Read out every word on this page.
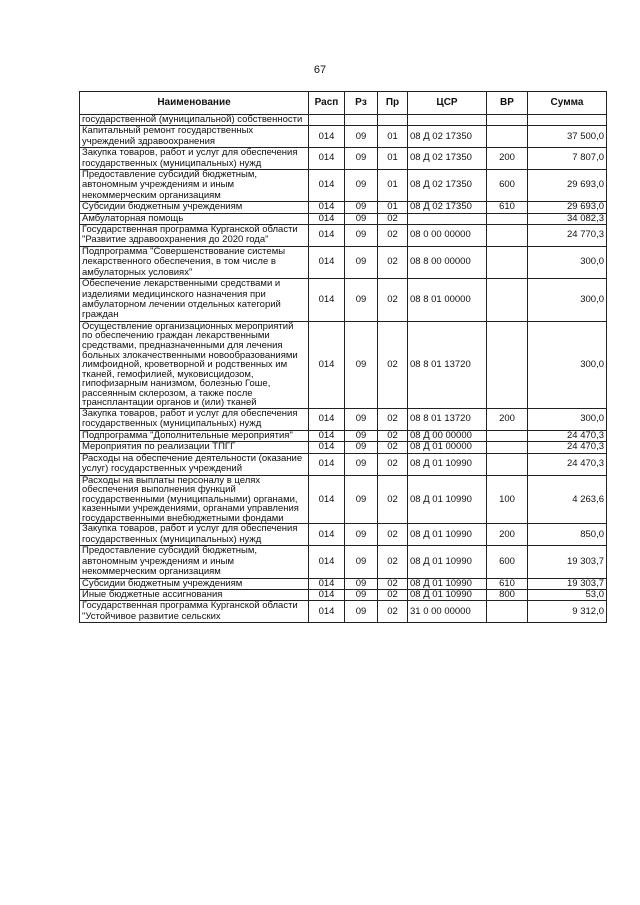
67
Наименование	Расп	Рз	Пр	ЦСР	ВР	Сумма
государственной (муниципальной) собственности						
Капитальный ремонт государственных учреждений здравоохранения	014	09	01	08 Д 02 17350		37 500,0
Закупка товаров, работ и услуг для обеспечения государственных (муниципальных) нужд	014	09	01	08 Д 02 17350	200	7 807,0
Предоставление субсидий бюджетным, автономным учреждениям и иным некоммерческим организациям	014	09	01	08 Д 02 17350	600	29 693,0
Субсидии бюджетным учреждениям	014	09	01	08 Д 02 17350	610	29 693,0
Амбулаторная помощь	014	09	02			34 082,3
Государственная программа Курганской области "Развитие здравоохранения до 2020 года"	014	09	02	08 0 00 00000		24 770,3
Подпрограмма "Совершенствование системы лекарственного обеспечения, в том числе в амбулаторных условиях"	014	09	02	08 8 00 00000		300,0
Обеспечение лекарственными средствами и изделиями медицинского назначения при амбулаторном лечении отдельных категорий граждан	014	09	02	08 8 01 00000		300,0
Осуществление организационных мероприятий по обеспечению граждан лекарственными средствами, предназначенными для лечения больных злокачественными новообразованиями лимфоидной, кроветворной и родственных им тканей, гемофилией, муковисцидозом, гипофизарным нанизмом, болезнью Гоше, рассеянным склерозом, а также после трансплантации органов и (или) тканей	014	09	02	08 8 01 13720		300,0
Закупка товаров, работ и услуг для обеспечения государственных (муниципальных) нужд	014	09	02	08 8 01 13720	200	300,0
Подпрограмма "Дополнительные мероприятия"	014	09	02	08 Д 00 00000		24 470,3
Мероприятия по реализации ТПГГ	014	09	02	08 Д 01 00000		24 470,3
Расходы на обеспечение деятельности (оказание услуг) государственных учреждений	014	09	02	08 Д 01 10990		24 470,3
Расходы на выплаты персоналу в целях обеспечения выполнения функций государственными (муниципальными) органами, казенными учреждениями, органами управления государственными внебюджетными фондами	014	09	02	08 Д 01 10990	100	4 263,6
Закупка товаров, работ и услуг для обеспечения государственных (муниципальных) нужд	014	09	02	08 Д 01 10990	200	850,0
Предоставление субсидий бюджетным, автономным учреждениям и иным некоммерческим организациям	014	09	02	08 Д 01 10990	600	19 303,7
Субсидии бюджетным учреждениям	014	09	02	08 Д 01 10990	610	19 303,7
Иные бюджетные ассигнования	014	09	02	08 Д 01 10990	800	53,0
Государственная программа Курганской области "Устойчивое развитие сельских	014	09	02	31 0 00 00000		9 312,0
